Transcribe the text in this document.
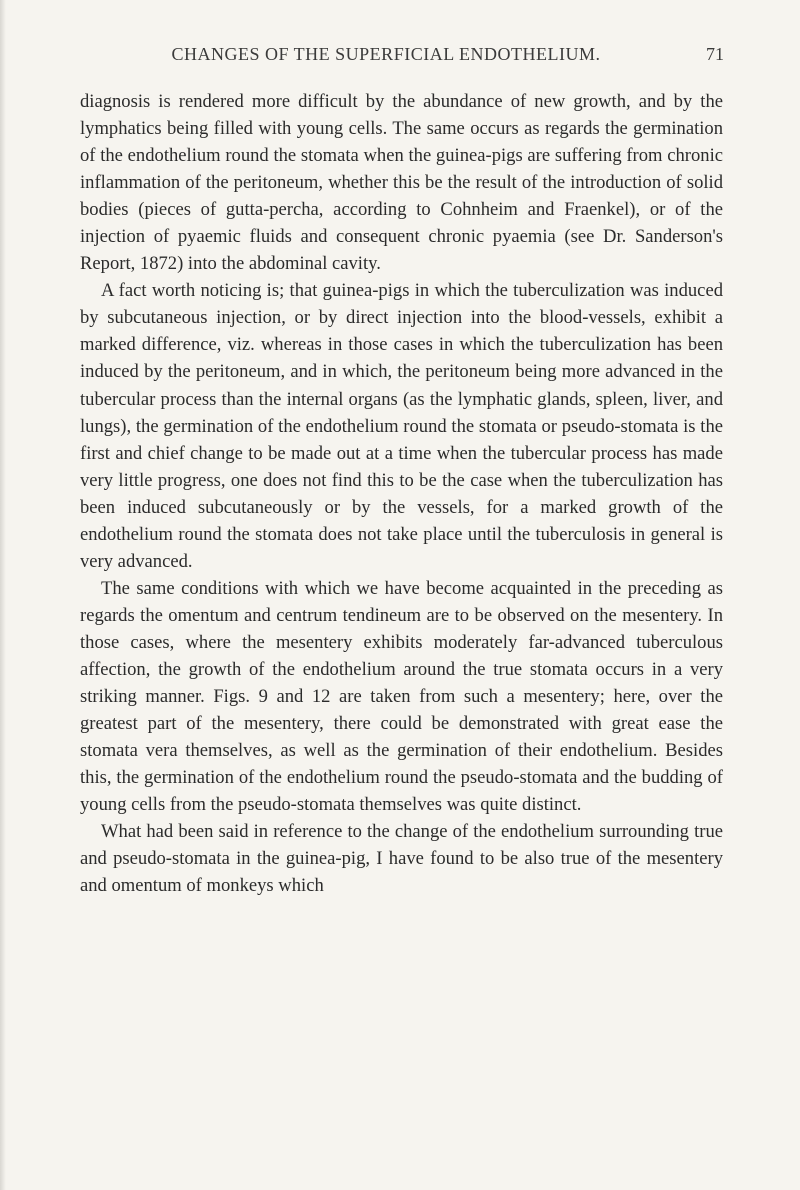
CHANGES OF THE SUPERFICIAL ENDOTHELIUM.	71

diagnosis is rendered more difficult by the abundance of new growth, and by the lymphatics being filled with young cells. The same occurs as regards the germination of the endothelium round the stomata when the guinea-pigs are suffering from chronic inflammation of the peritoneum, whether this be the result of the introduction of solid bodies (pieces of gutta-percha, according to Cohnheim and Fraenkel), or of the injection of pyaemic fluids and consequent chronic pyaemia (see Dr. Sanderson's Report, 1872) into the abdominal cavity.

A fact worth noticing is; that guinea-pigs in which the tuberculization was induced by subcutaneous injection, or by direct injection into the blood-vessels, exhibit a marked difference, viz. whereas in those cases in which the tuberculization has been induced by the peritoneum, and in which, the peritoneum being more advanced in the tubercular process than the internal organs (as the lymphatic glands, spleen, liver, and lungs), the germination of the endothelium round the stomata or pseudo-stomata is the first and chief change to be made out at a time when the tubercular process has made very little progress, one does not find this to be the case when the tuberculization has been induced subcutaneously or by the vessels, for a marked growth of the endothelium round the stomata does not take place until the tuberculosis in general is very advanced.

The same conditions with which we have become acquainted in the preceding as regards the omentum and centrum tendineum are to be observed on the mesentery. In those cases, where the mesentery exhibits moderately far-advanced tuberculous affection, the growth of the endothelium around the true stomata occurs in a very striking manner. Figs. 9 and 12 are taken from such a mesentery; here, over the greatest part of the mesentery, there could be demonstrated with great ease the stomata vera themselves, as well as the germination of their endothelium. Besides this, the germination of the endothelium round the pseudo-stomata and the budding of young cells from the pseudo-stomata themselves was quite distinct.

What had been said in reference to the change of the endothelium surrounding true and pseudo-stomata in the guinea-pig, I have found to be also true of the mesentery and omentum of monkeys which
